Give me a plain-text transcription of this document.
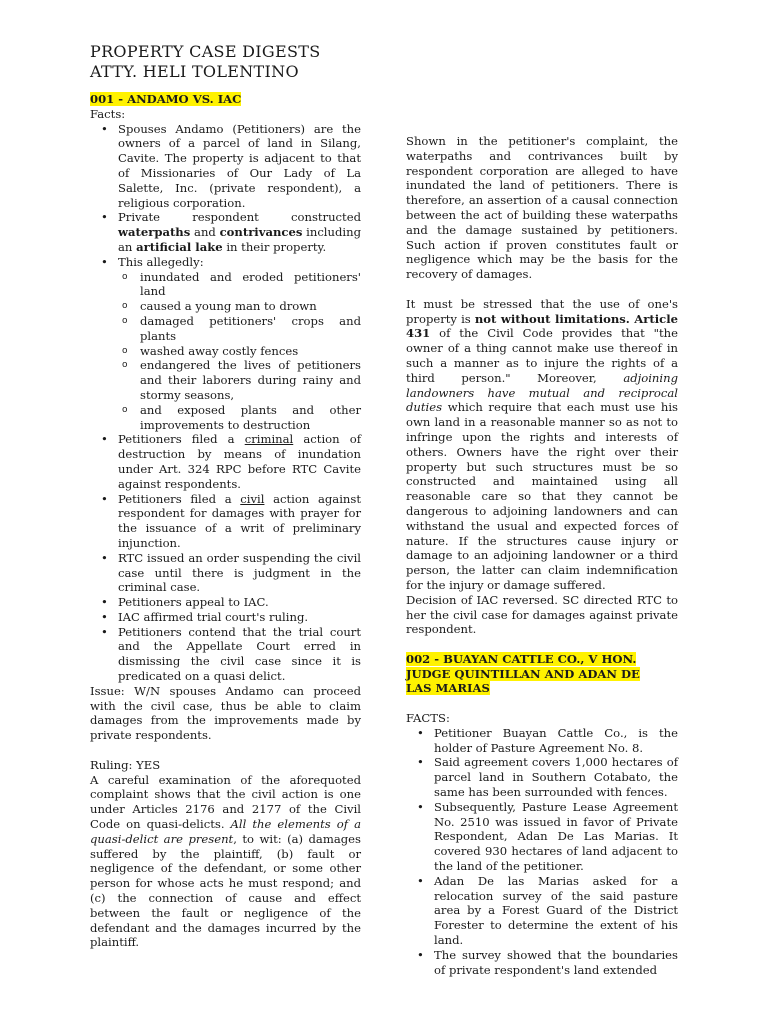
PROPERTY CASE DIGESTS
ATTY. HELI TOLENTINO
001 - ANDAMO VS. IAC

Facts:

• Spouses Andamo (Petitioners) are the owners of a parcel of land in Silang, Cavite. The property is adjacent to that of Missionaries of Our Lady of La Salette, Inc. (private respondent), a religious corporation.
• Private respondent constructed waterpaths and contrivances including an artificial lake in their property.
• This allegedly:
o inundated and eroded petitioners' land
o caused a young man to drown
o damaged petitioners' crops and plants
o washed away costly fences
o endangered the lives of petitioners and their laborers during rainy and stormy seasons,
o and exposed plants and other improvements to destruction
• Petitioners filed a criminal action of destruction by means of inundation under Art. 324 RPC before RTC Cavite against respondents.
• Petitioners filed a civil action against respondent for damages with prayer for the issuance of a writ of preliminary injunction.
• RTC issued an order suspending the civil case until there is judgment in the criminal case.
• Petitioners appeal to IAC.
• IAC affirmed trial court's ruling.
• Petitioners contend that the trial court and the Appellate Court erred in dismissing the civil case since it is predicated on a quasi delict.

Issue: W/N spouses Andamo can proceed with the civil case, thus be able to claim damages from the improvements made by private respondents.

Ruling: YES

A careful examination of the aforequoted complaint shows that the civil action is one under Articles 2176 and 2177 of the Civil Code on quasi-delicts. All the elements of a quasi-delict are present, to wit: (a) damages suffered by the plaintiff, (b) fault or negligence of the defendant, or some other person for whose acts he must respond; and (c) the connection of cause and effect between the fault or negligence of the defendant and the damages incurred by the plaintiff.

Shown in the petitioner's complaint, the waterpaths and contrivances built by respondent corporation are alleged to have inundated the land of petitioners. There is therefore, an assertion of a causal connection between the act of building these waterpaths and the damage sustained by petitioners. Such action if proven constitutes fault or negligence which may be the basis for the recovery of damages.

It must be stressed that the use of one's property is not without limitations. Article 431 of the Civil Code provides that "the owner of a thing cannot make use thereof in such a manner as to injure the rights of a third person." Moreover, adjoining landowners have mutual and reciprocal duties which require that each must use his own land in a reasonable manner so as not to infringe upon the rights and interests of others. Owners have the right over their property but such structures must be so constructed and maintained using all reasonable care so that they cannot be dangerous to adjoining landowners and can withstand the usual and expected forces of nature. If the structures cause injury or damage to an adjoining landowner or a third person, the latter can claim indemnification for the injury or damage suffered.

Decision of IAC reversed. SC directed RTC to her the civil case for damages against private respondent.

002 - BUAYAN CATTLE CO., V HON. JUDGE QUINTILLAN AND ADAN DE LAS MARIAS

FACTS:

• Petitioner Buayan Cattle Co., is the holder of Pasture Agreement No. 8.
• Said agreement covers 1,000 hectares of parcel land in Southern Cotabato, the same has been surrounded with fences.
• Subsequently, Pasture Lease Agreement No. 2510 was issued in favor of Private Respondent, Adan De Las Marias. It covered 930 hectares of land adjacent to the land of the petitioner.
• Adan De las Marias asked for a relocation survey of the said pasture area by a Forest Guard of the District Forester to determine the extent of his land.
• The survey showed that the boundaries of private respondent's land extended
